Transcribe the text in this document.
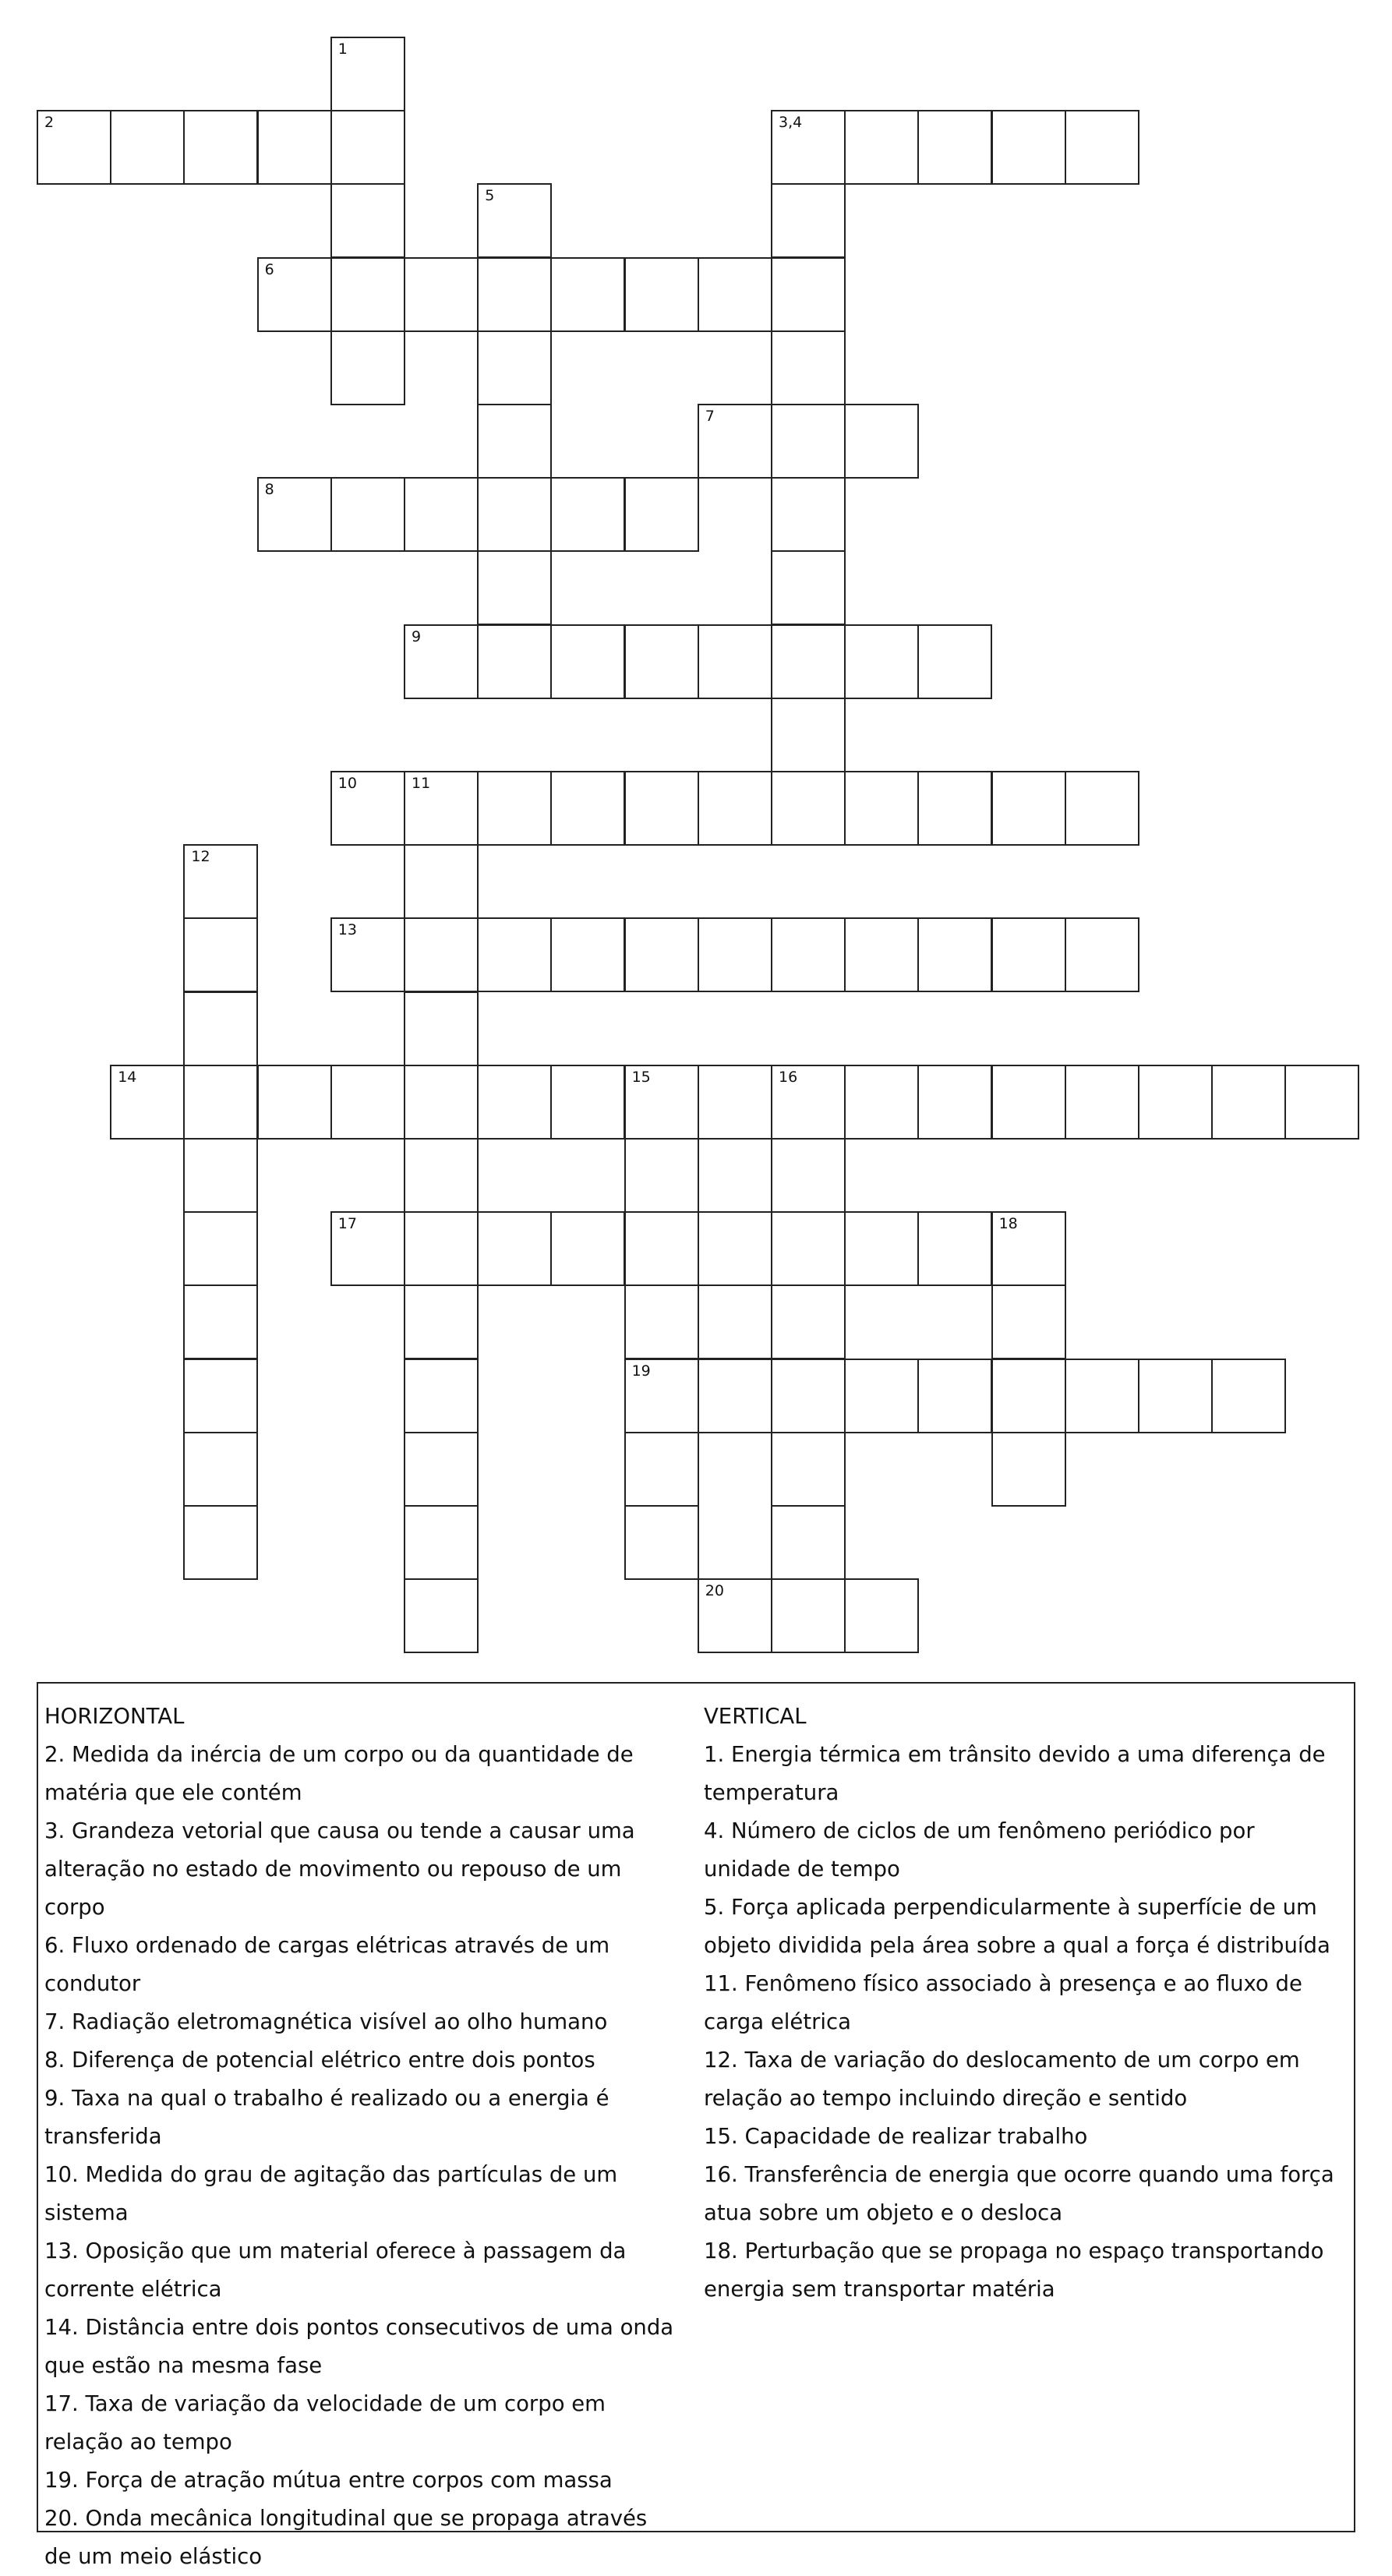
1
2	3,4
5
6
7
8
9
10	11
12
13
14	15	16
17	18
19
20
HORIZONTAL
2. Medida da inércia de um corpo ou da quantidade de matéria que ele contém
3. Grandeza vetorial que causa ou tende a causar uma alteração no estado de movimento ou repouso de um corpo
6. Fluxo ordenado de cargas elétricas através de um condutor
7. Radiação eletromagnética visível ao olho humano
8. Diferença de potencial elétrico entre dois pontos
9. Taxa na qual o trabalho é realizado ou a energia é transferida
10. Medida do grau de agitação das partículas de um sistema
13. Oposição que um material oferece à passagem da corrente elétrica
14. Distância entre dois pontos consecutivos de uma onda que estão na mesma fase
17. Taxa de variação da velocidade de um corpo em relação ao tempo
19. Força de atração mútua entre corpos com massa
20. Onda mecânica longitudinal que se propaga através de um meio elástico
VERTICAL
1. Energia térmica em trânsito devido a uma diferença de temperatura
4. Número de ciclos de um fenômeno periódico por unidade de tempo
5. Força aplicada perpendicularmente à superfície de um objeto dividida pela área sobre a qual a força é distribuída
11. Fenômeno físico associado à presença e ao fluxo de carga elétrica
12. Taxa de variação do deslocamento de um corpo em relação ao tempo incluindo direção e sentido
15. Capacidade de realizar trabalho
16. Transferência de energia que ocorre quando uma força atua sobre um objeto e o desloca
18. Perturbação que se propaga no espaço transportando energia sem transportar matéria
